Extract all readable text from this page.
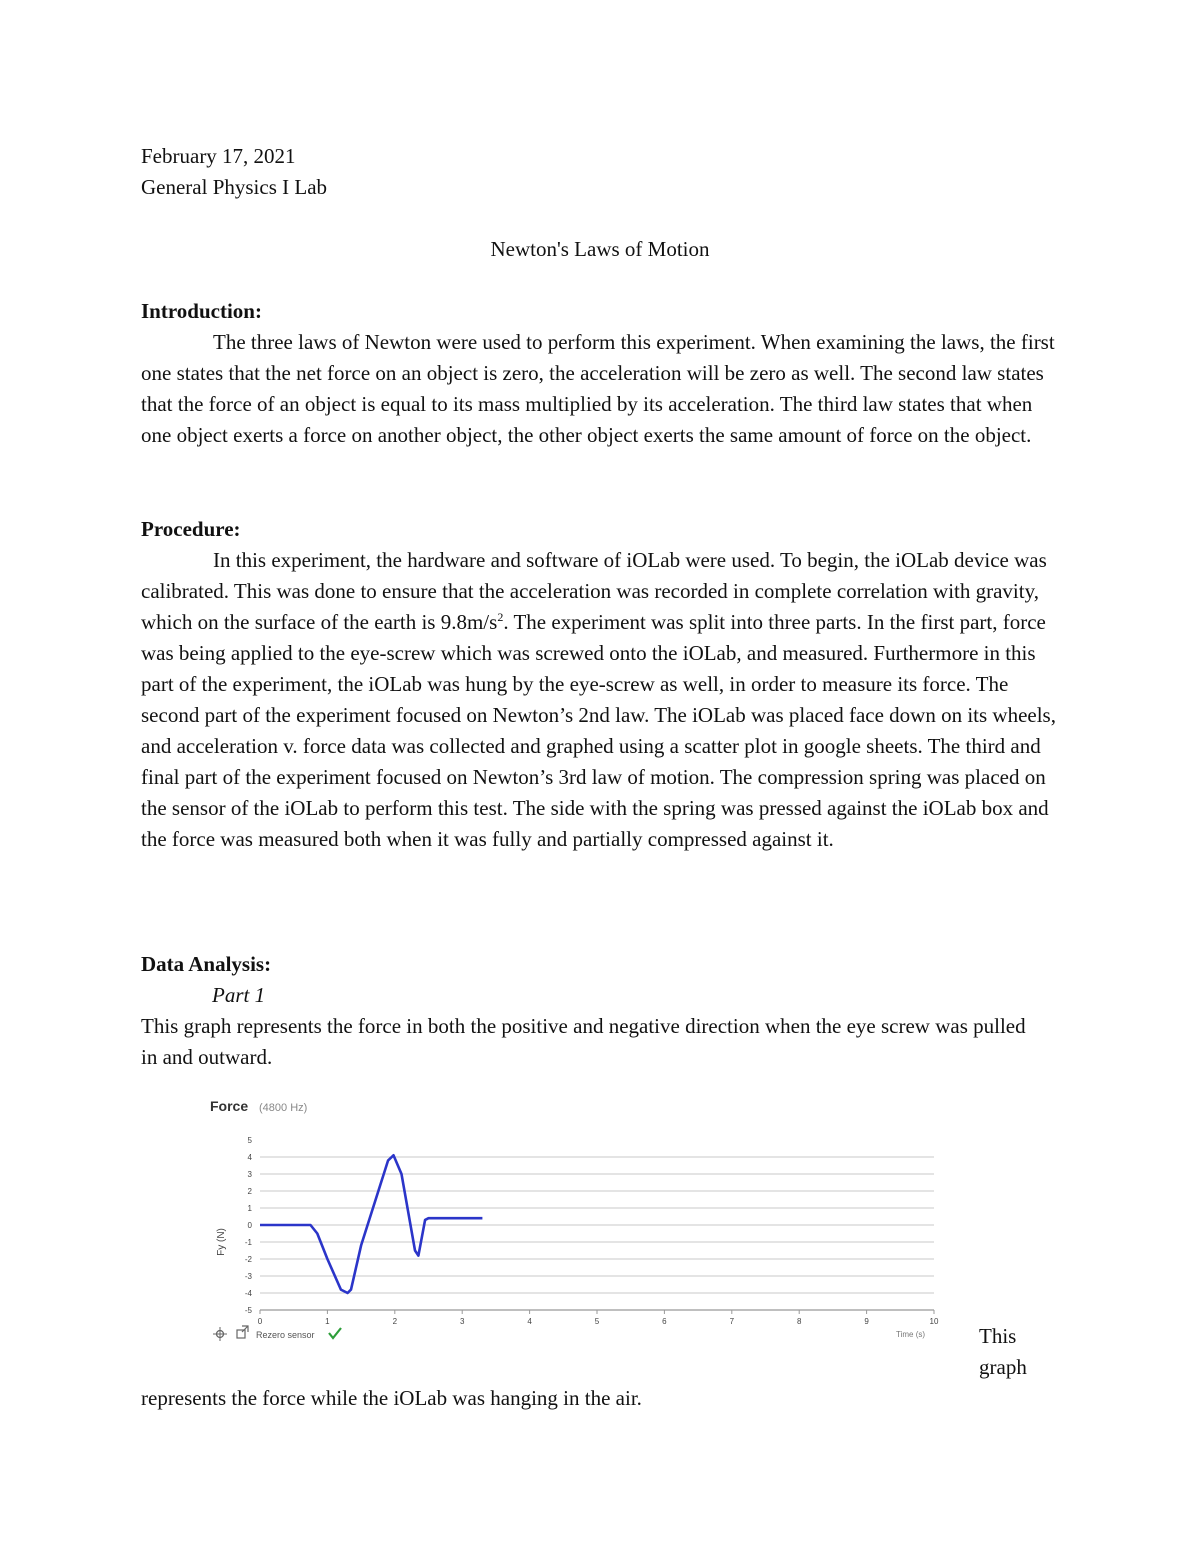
February 17, 2021
General Physics I Lab
Newton's Laws of Motion
Introduction:

The three laws of Newton were used to perform this experiment. When examining the laws, the first one states that the net force on an object is zero, the acceleration will be zero as well. The second law states that the force of an object is equal to its mass multiplied by its acceleration. The third law states that when one object exerts a force on another object, the other object exerts the same amount of force on the object.

Procedure:

In this experiment, the hardware and software of iOLab were used. To begin, the iOLab device was calibrated. This was done to ensure that the acceleration was recorded in complete correlation with gravity, which on the surface of the earth is $9.8m/s^2$. The experiment was split into three parts. In the first part, force was being applied to the eye-screw which was screwed onto the iOLab, and measured. Furthermore in this part of the experiment, the iOLab was hung by the eye-screw as well, in order to measure its force. The second part of the experiment focused on Newton’s 2nd law. The iOLab was placed face down on its wheels, and acceleration v. force data was collected and graphed using a scatter plot in google sheets. The third and final part of the experiment focused on Newton’s 3rd law of motion. The compression spring was placed on the sensor of the iOLab to perform this test. The side with the spring was pressed against the iOLab box and the force was measured both when it was fully and partially compressed against it.

Data Analysis:
Part 1
This graph represents the force in both the positive and negative direction when the eye screw was pulled in and outward.
Force (4800 Hz)
Fy (N)
5
4
3
2
1
0
-1
-2
-3
-4
-5
0	1	2	3	4	5	6	7	8	9	10
Time (s)
Rezero sensor	This
graph
represents the force while the iOLab was hanging in the air.
